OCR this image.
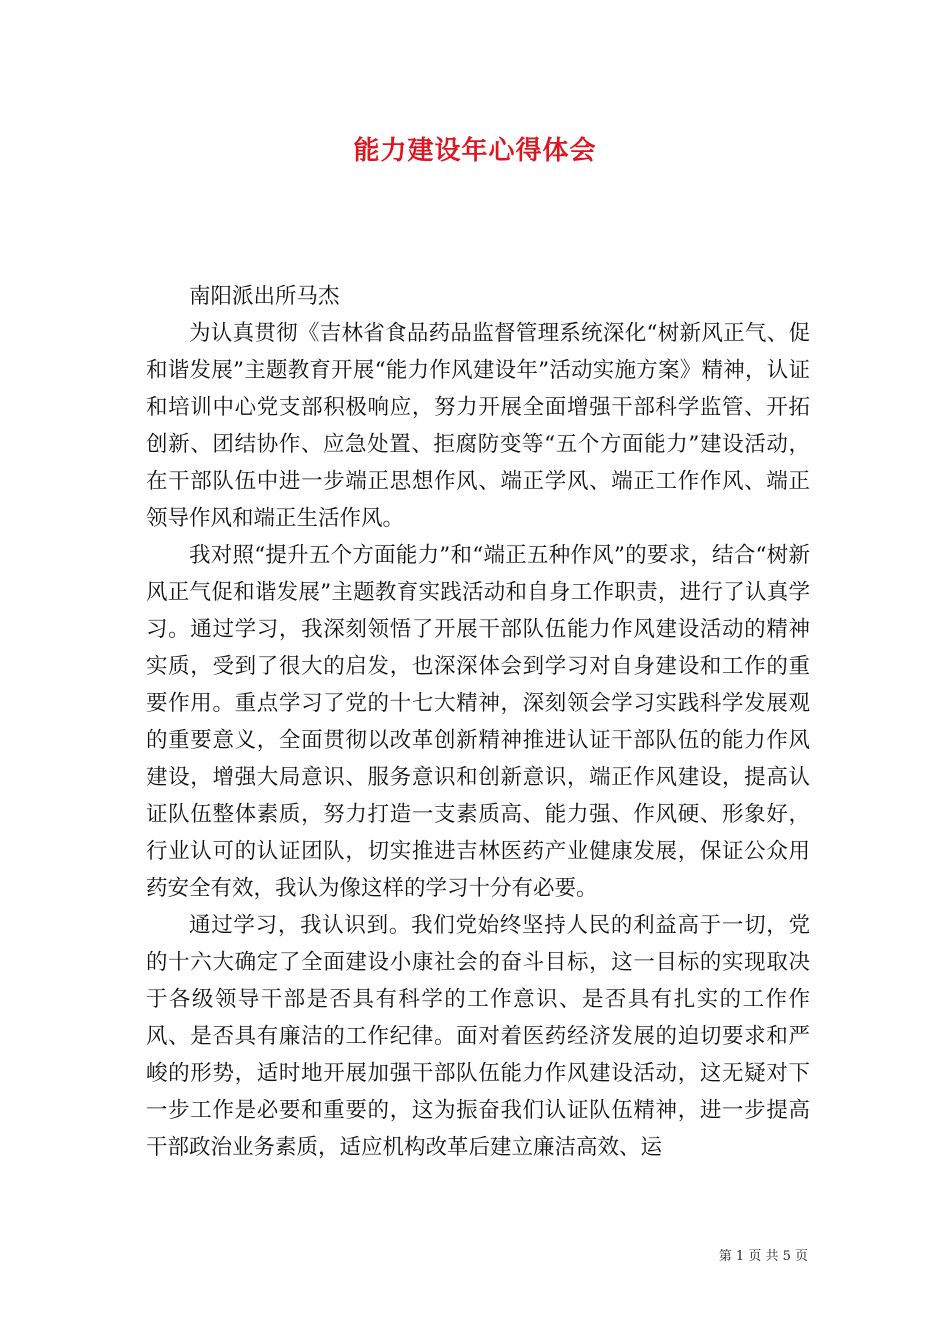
能力建设年心得体会

南阳派出所马杰

为认真贯彻《吉林省食品药品监督管理系统深化“树新风正气、促和谐发展”主题教育开展“能力作风建设年”活动实施方案》精神，认证和培训中心党支部积极响应，努力开展全面增强干部科学监管、开拓创新、团结协作、应急处置、拒腐防变等“五个方面能力”建设活动，在干部队伍中进一步端正思想作风、端正学风、端正工作作风、端正领导作风和端正生活作风。

我对照“提升五个方面能力”和“端正五种作风”的要求，结合“树新风正气促和谐发展”主题教育实践活动和自身工作职责，进行了认真学习。通过学习，我深刻领悟了开展干部队伍能力作风建设活动的精神实质，受到了很大的启发，也深深体会到学习对自身建设和工作的重要作用。重点学习了党的十七大精神，深刻领会学习实践科学发展观的重要意义，全面贯彻以改革创新精神推进认证干部队伍的能力作风建设，增强大局意识、服务意识和创新意识，端正作风建设，提高认证队伍整体素质，努力打造一支素质高、能力强、作风硬、形象好，行业认可的认证团队，切实推进吉林医药产业健康发展，保证公众用药安全有效，我认为像这样的学习十分有必要。

通过学习，我认识到。我们党始终坚持人民的利益高于一切，党的十六大确定了全面建设小康社会的奋斗目标，这一目标的实现取决于各级领导干部是否具有科学的工作意识、是否具有扎实的工作作风、是否具有廉洁的工作纪律。面对着医药经济发展的迫切要求和严峻的形势，适时地开展加强干部队伍能力作风建设活动，这无疑对下一步工作是必要和重要的，这为振奋我们认证队伍精神，进一步提高干部政治业务素质，适应机构改革后建立廉洁高效、运

第 1 页 共 5 页
